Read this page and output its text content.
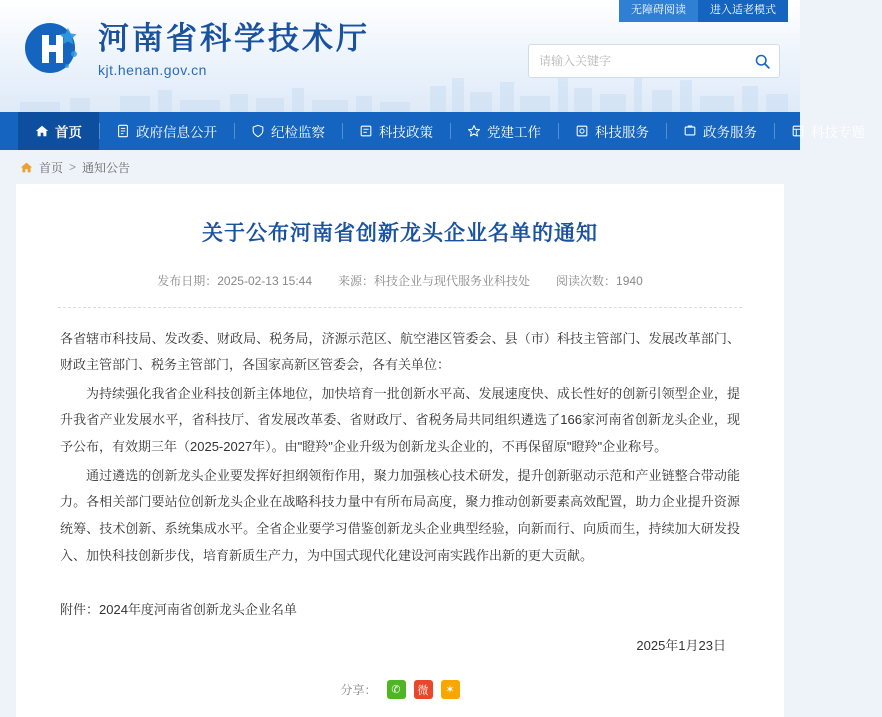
无障碍阅读	进入适老模式
河南省科学技术厅
kjt.henan.gov.cn
请输入关键字
首页	政府信息公开	纪检监察	科技政策	党建工作	科技服务	政务服务	科技专题
首页 > 通知公告
关于公布河南省创新龙头企业名单的通知
发布日期：2025-02-13 15:44 来源：科技企业与现代服务业科技处 阅读次数：1940

各省辖市科技局、发改委、财政局、税务局，济源示范区、航空港区管委会、县（市）科技主管部门、发展改革部门、财政主管部门、税务主管部门，各国家高新区管委会，各有关单位：

为持续强化我省企业科技创新主体地位，加快培育一批创新水平高、发展速度快、成长性好的创新引领型企业，提升我省产业发展水平，省科技厅、省发展改革委、省财政厅、省税务局共同组织遴选了166家河南省创新龙头企业，现予公布，有效期三年（2025-2027年）。由"瞪羚"企业升级为创新龙头企业的，不再保留原"瞪羚"企业称号。

通过遴选的创新龙头企业要发挥好担纲领衔作用，聚力加强核心技术研发，提升创新驱动示范和产业链整合带动能力。各相关部门要站位创新龙头企业在战略科技力量中有所布局高度，聚力推动创新要素高效配置，助力企业提升资源统筹、技术创新、系统集成水平。全省企业要学习借鉴创新龙头企业典型经验，向新而行、向质而生，持续加大研发投入、加快科技创新步伐，培育新质生产力，为中国式现代化建设河南实践作出新的更大贡献。

附件：2024年度河南省创新龙头企业名单
2025年1月23日
分享：	✆	微	✶
